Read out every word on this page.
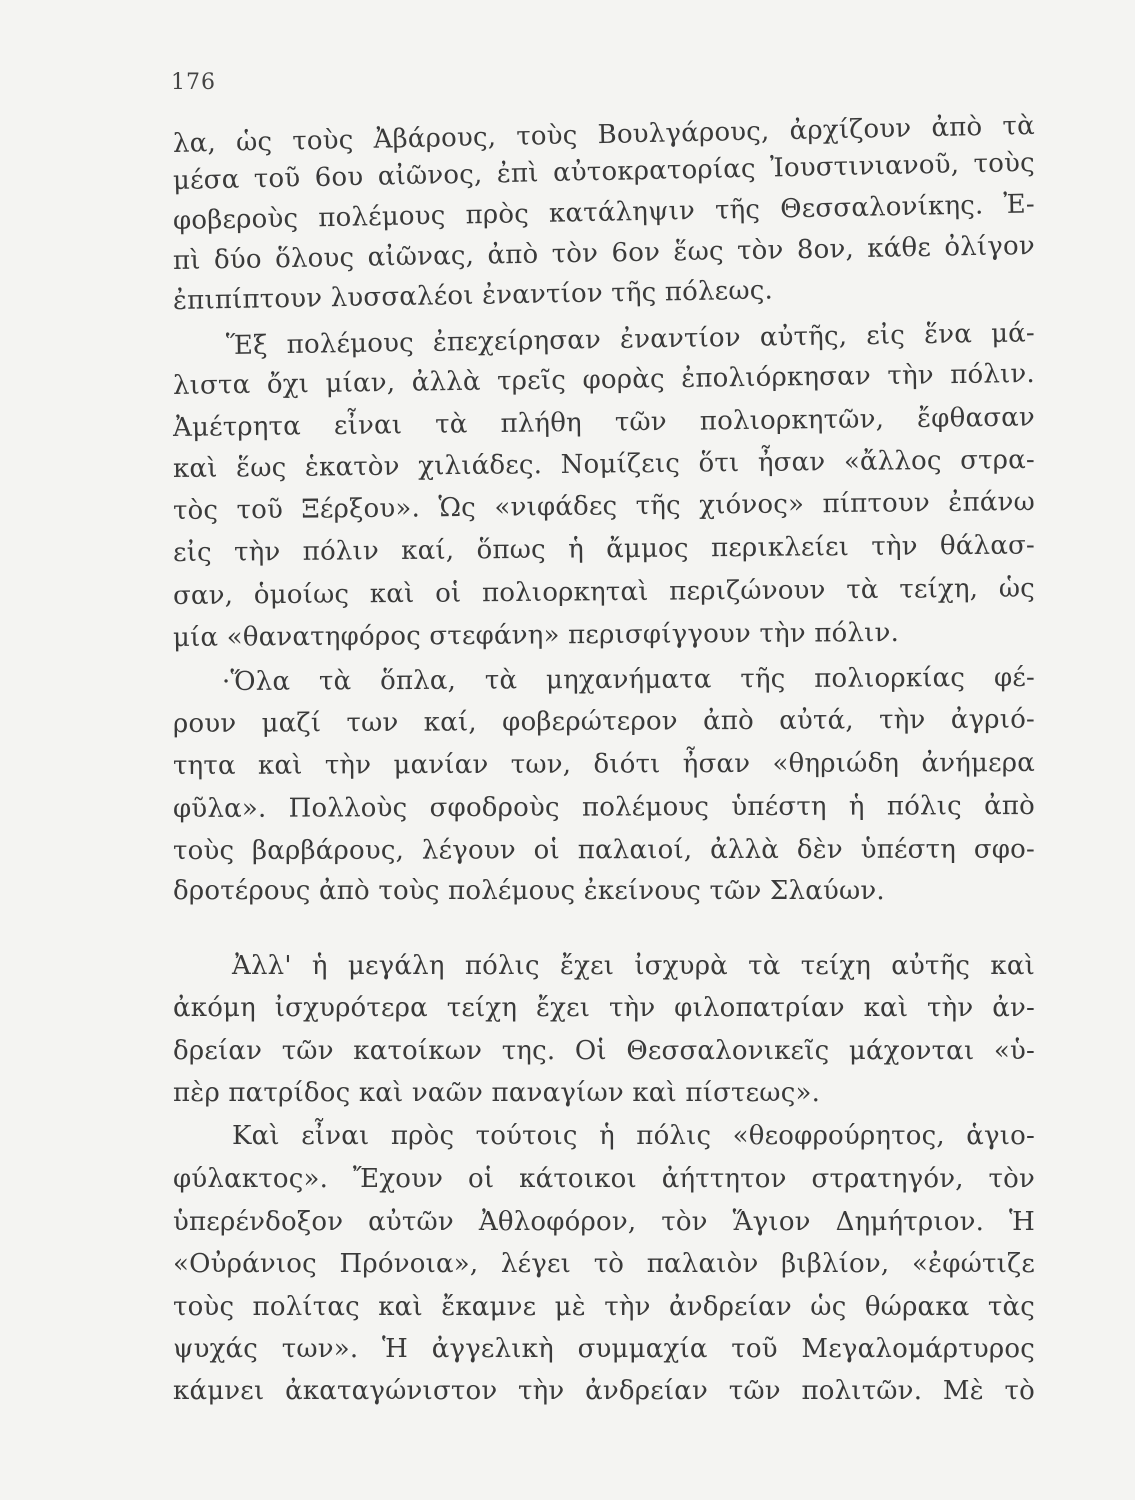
176
λα, ὡς τοὺς Ἀβάρους, τοὺς Βουλγάρους, ἀρχίζουν ἀπὸ τὰ
μέσα τοῦ 6ου αἰῶνος, ἐπὶ αὐτοκρατορίας Ἰουστινιανοῦ, τοὺς
φοβεροὺς πολέμους πρὸς κατάληψιν τῆς Θεσσαλονίκης. Ἐ-
πὶ δύο ὅλους αἰῶνας, ἀπὸ τὸν 6ον ἕως τὸν 8ον, κάθε ὀλίγον
ἐπιπίπτουν λυσσαλέοι ἐναντίον τῆς πόλεως.
Ἕξ πολέμους ἐπεχείρησαν ἐναντίον αὐτῆς, εἰς ἕνα μά-
λιστα ὄχι μίαν, ἀλλὰ τρεῖς φορὰς ἐπολιόρκησαν τὴν πόλιν.
Ἀμέτρητα εἶναι τὰ πλήθη τῶν πολιορκητῶν, ἔφθασαν
καὶ ἕως ἑκατὸν χιλιάδες. Νομίζεις ὅτι ἦσαν «ἄλλος στρα-
τὸς τοῦ Ξέρξου». Ὡς «νιφάδες τῆς χιόνος» πίπτουν ἐπάνω
εἰς τὴν πόλιν καί, ὅπως ἡ ἄμμος περικλείει τὴν θάλασ-
σαν, ὁμοίως καὶ οἱ πολιορκηταὶ περιζώνουν τὰ τείχη, ὡς
μία «θανατηφόρος στεφάνη» περισφίγγουν τὴν πόλιν.
·Ὅλα τὰ ὅπλα, τὰ μηχανήματα τῆς πολιορκίας φέ-
ρουν μαζί των καί, φοβερώτερον ἀπὸ αὐτά, τὴν ἀγριό-
τητα καὶ τὴν μανίαν των, διότι ἦσαν «θηριώδη ἀνήμερα
φῦλα». Πολλοὺς σφοδροὺς πολέμους ὑπέστη ἡ πόλις ἀπὸ
τοὺς βαρβάρους, λέγουν οἱ παλαιοί, ἀλλὰ δὲν ὑπέστη σφο-
δροτέρους ἀπὸ τοὺς πολέμους ἐκείνους τῶν Σλαύων.
Ἀλλ' ἡ μεγάλη πόλις ἔχει ἰσχυρὰ τὰ τείχη αὐτῆς καὶ
ἀκόμη ἰσχυρότερα τείχη ἔχει τὴν φιλοπατρίαν καὶ τὴν ἀν-
δρείαν τῶν κατοίκων της. Οἱ Θεσσαλονικεῖς μάχονται «ὑ-
πὲρ πατρίδος καὶ ναῶν παναγίων καὶ πίστεως».
Καὶ εἶναι πρὸς τούτοις ἡ πόλις «θεοφρούρητος, ἁγιο-
φύλακτος». Ἔχουν οἱ κάτοικοι ἀήττητον στρατηγόν, τὸν
ὑπερένδοξον αὐτῶν Ἀθλοφόρον, τὸν Ἅγιον Δημήτριον. Ἡ
«Οὐράνιος Πρόνοια», λέγει τὸ παλαιὸν βιβλίον, «ἐφώτιζε
τοὺς πολίτας καὶ ἔκαμνε μὲ τὴν ἀνδρείαν ὡς θώρακα τὰς
ψυχάς των». Ἡ ἀγγελικὴ συμμαχία τοῦ Μεγαλομάρτυρος
κάμνει ἀκαταγώνιστον τὴν ἀνδρείαν τῶν πολιτῶν. Μὲ τὸ
